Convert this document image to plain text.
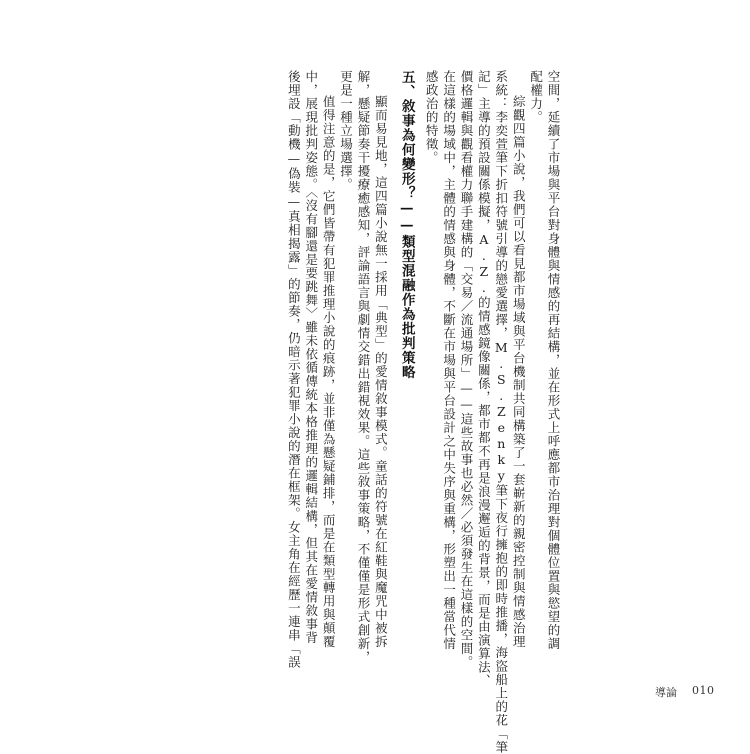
空間，延續了市場與平台對身體與情感的再結構，並在形式上呼應都市治理對個體位置與慾望的調

配權力。

綜觀四篇小說，我們可以看見都市場域與平台機制共同構築了一套嶄新的親密控制與情感治理

系統：李奕萱筆下折扣符號引導的戀愛選擇，M.S.Zenky筆下夜行擁抱的即時推播，海盜船上的花「筆

記」主導的預設關係模擬，A.Z.的情感鏡像關係，都市都不再是浪漫邂逅的背景，而是由演算法、

價格邏輯與觀看權力聯手建構的「交易／流通場所」——這些故事也必然／必須發生在這樣的空間。

在這樣的場域中，主體的情感與身體，不斷在市場與平台設計之中失序與重構，形塑出一種當代情

感政治的特徵。

五、敘事為何變形？——類型混融作為批判策略

顯而易見地，這四篇小說無一採用「典型」的愛情敘事模式。童話的符號在紅鞋與魔咒中被拆

解，懸疑節奏干擾療癒感知，評論語言與劇情交錯出錯視效果。這些敘事策略，不僅僅是形式創新，

更是一種立場選擇。

值得注意的是，它們皆帶有犯罪推理小說的痕跡，並非僅為懸疑鋪排，而是在類型轉用與顛覆

中，展現批判姿態。〈沒有腳還是要跳舞〉雖未依循傳統本格推理的邏輯結構，但其在愛情敘事背

後埋設「動機—偽裝—真相揭露」的節奏，仍暗示著犯罪小說的潛在框架。女主角在經歷一連串「誤

導論 010
